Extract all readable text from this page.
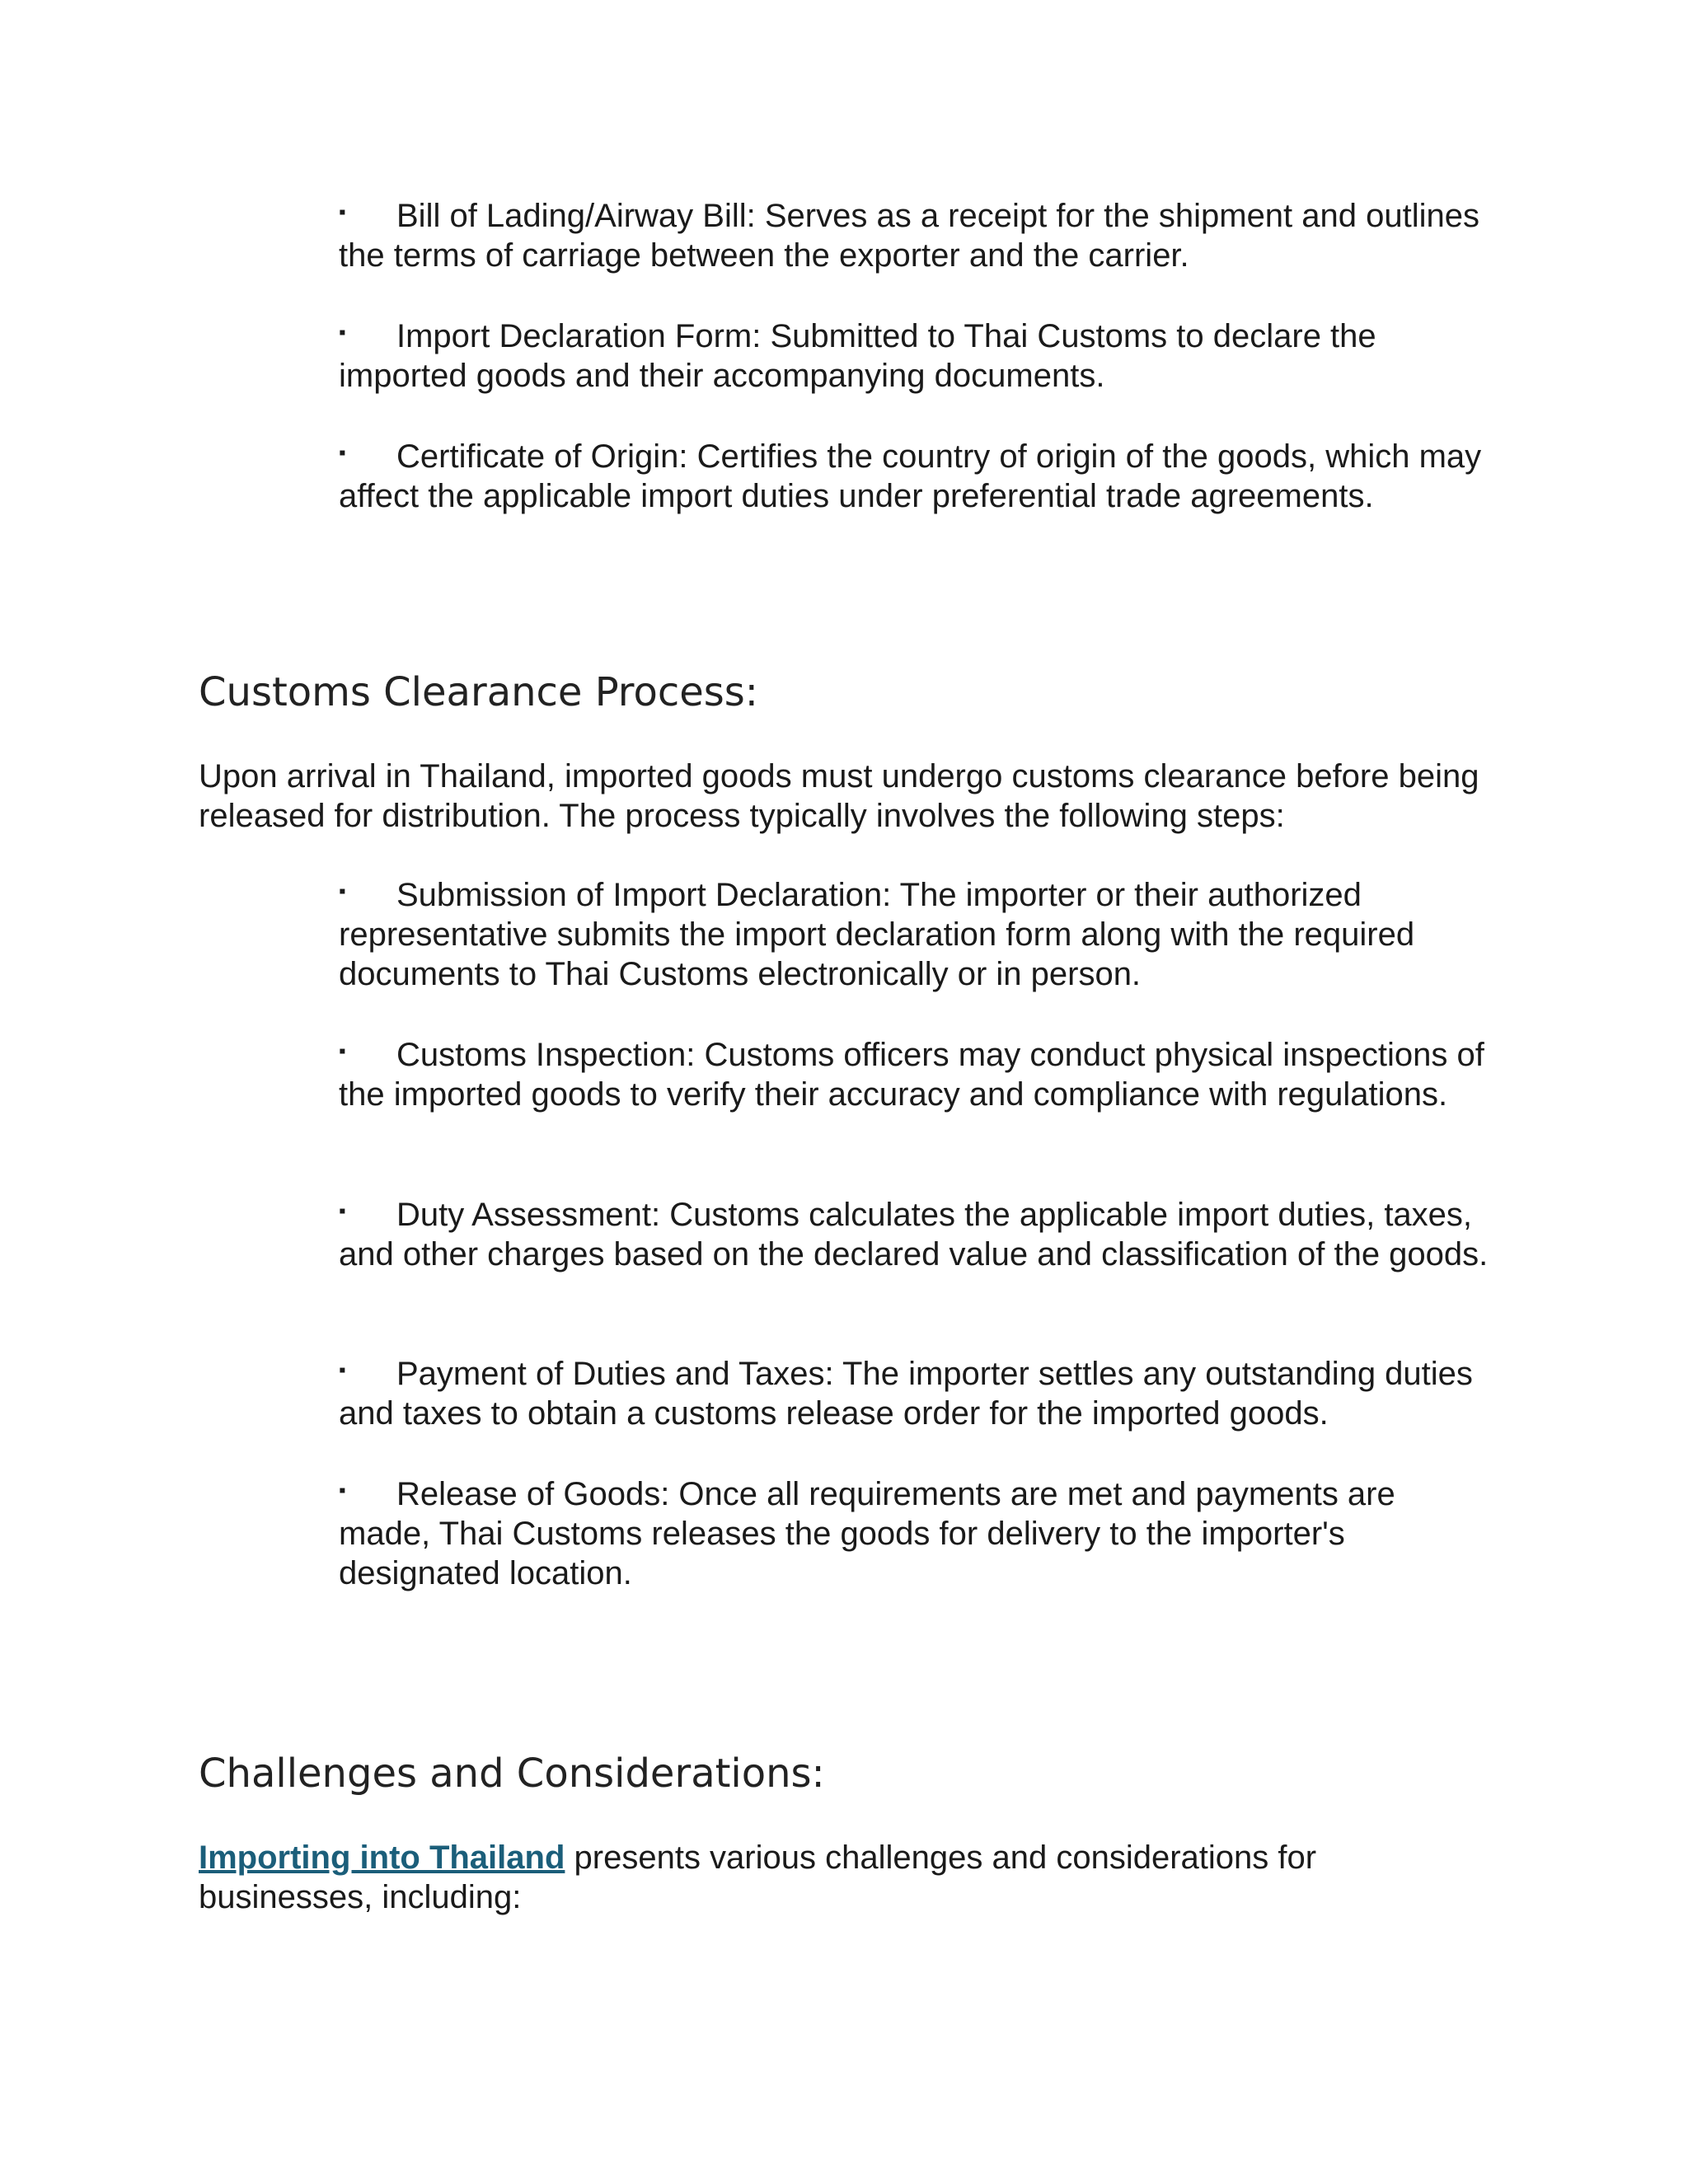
▪ Bill of Lading/Airway Bill: Serves as a receipt for the shipment and outlines the terms of carriage between the exporter and the carrier.

▪ Import Declaration Form: Submitted to Thai Customs to declare the imported goods and their accompanying documents.

▪ Certificate of Origin: Certifies the country of origin of the goods, which may affect the applicable import duties under preferential trade agreements.

Customs Clearance Process:

Upon arrival in Thailand, imported goods must undergo customs clearance before being released for distribution. The process typically involves the following steps:

▪ Submission of Import Declaration: The importer or their authorized representative submits the import declaration form along with the required documents to Thai Customs electronically or in person.

▪ Customs Inspection: Customs officers may conduct physical inspections of the imported goods to verify their accuracy and compliance with regulations.

▪ Duty Assessment: Customs calculates the applicable import duties, taxes, and other charges based on the declared value and classification of the goods.

▪ Payment of Duties and Taxes: The importer settles any outstanding duties and taxes to obtain a customs release order for the imported goods.

▪ Release of Goods: Once all requirements are met and payments are made, Thai Customs releases the goods for delivery to the importer's designated location.

Challenges and Considerations:

Importing into Thailand presents various challenges and considerations for businesses, including:
